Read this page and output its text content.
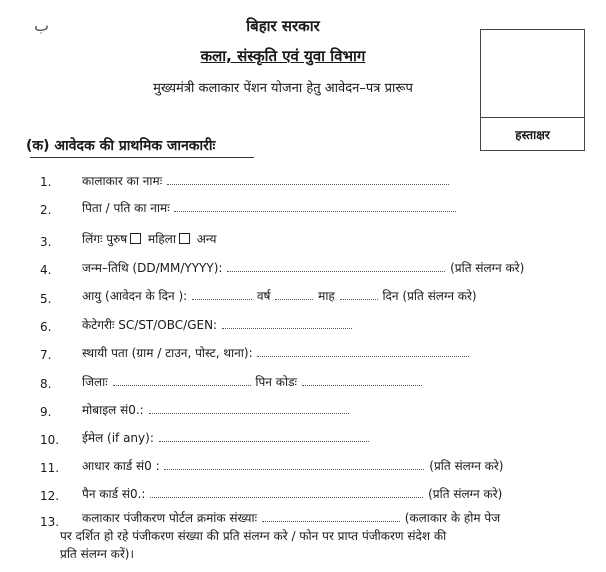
ب	बिहार सरकार
कला, संस्कृति एवं युवा विभाग
मुख्यमंत्री कलाकार पेंशन योजना हेतु आवेदन–पत्र प्रारूप
हस्ताक्षर
(क) आवेदक की प्राथमिक जानकारीः
1.	कालाकार का नामः
2.	पिता / पति का नामः
3.	लिंगः पुरुष महिला अन्य
4.	जन्म–तिथि (DD/MM/YYYY):	(प्रति संलग्न करे)
5.	आयु (आवेदन के दिन ):	वर्ष	माह	दिन (प्रति संलग्न करे)
6.	केटेगरीः SC/ST/OBC/GEN:
7.	स्थायी पता (ग्राम / टाउन, पोस्ट, थाना):
8.	जिलाः	पिन कोडः
9.	मोबाइल सं0.:
10. ईमेल (if any):
11. आधार कार्ड सं0 :	(प्रति संलग्न करे)
12. पैन कार्ड सं0.:	(प्रति संलग्न करे)
13. कलाकार पंजीकरण पोर्टल क्रमांक संख्याः	(कलाकार के होम पेज
पर दर्शित हो रहे पंजीकरण संख्या की प्रति संलग्न करे / फोन पर प्राप्त पंजीकरण संदेश की
प्रति संलग्न करें)।
